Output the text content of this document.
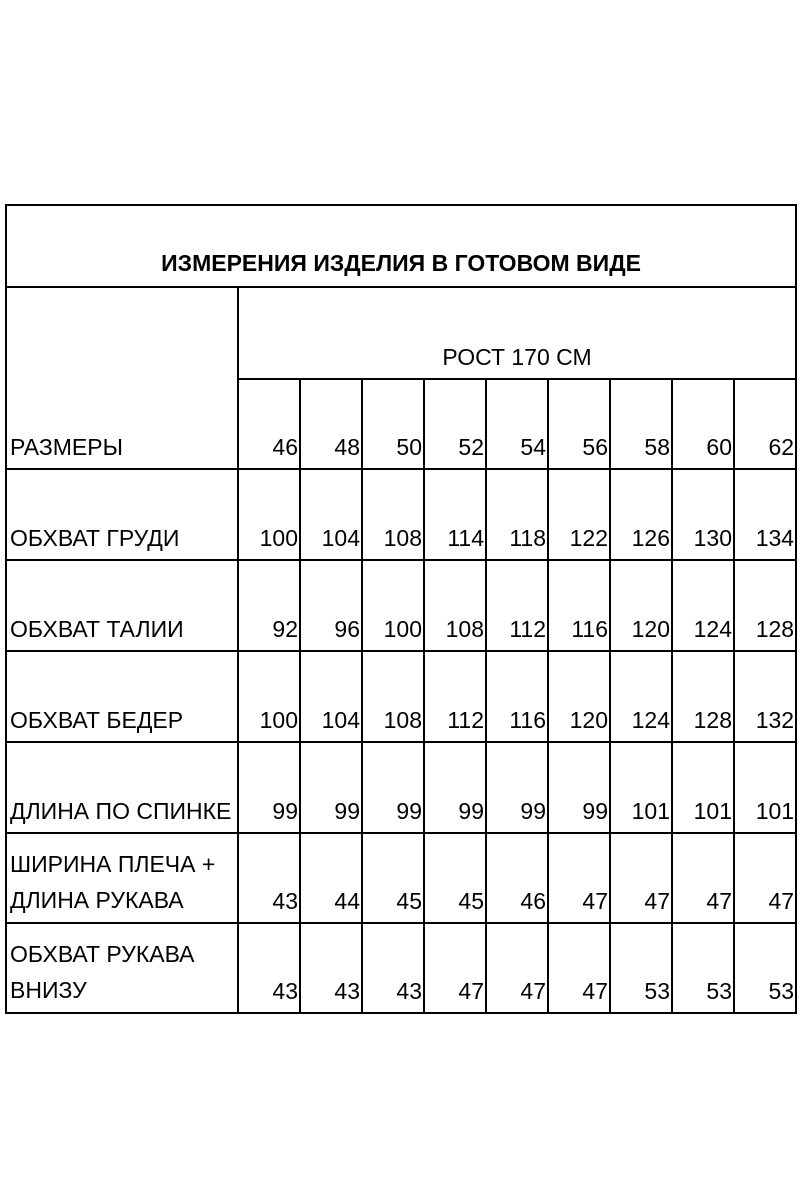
ИЗМЕРЕНИЯ ИЗДЕЛИЯ В ГОТОВОМ ВИДЕ									
РАЗМЕРЫ	РОСТ 170 СМ								
	46	48	50	52	54	56	58	60	62
ОБХВАТ ГРУДИ	100	104	108	114	118	122	126	130	134
ОБХВАТ ТАЛИИ	92	96	100	108	112	116	120	124	128
ОБХВАТ БЕДЕР	100	104	108	112	116	120	124	128	132
ДЛИНА ПО СПИНКЕ	99	99	99	99	99	99	101	101	101
ШИРИНА ПЛЕЧА + ДЛИНА РУКАВА	43	44	45	45	46	47	47	47	47
ОБХВАТ РУКАВА ВНИЗУ	43	43	43	47	47	47	53	53	53
